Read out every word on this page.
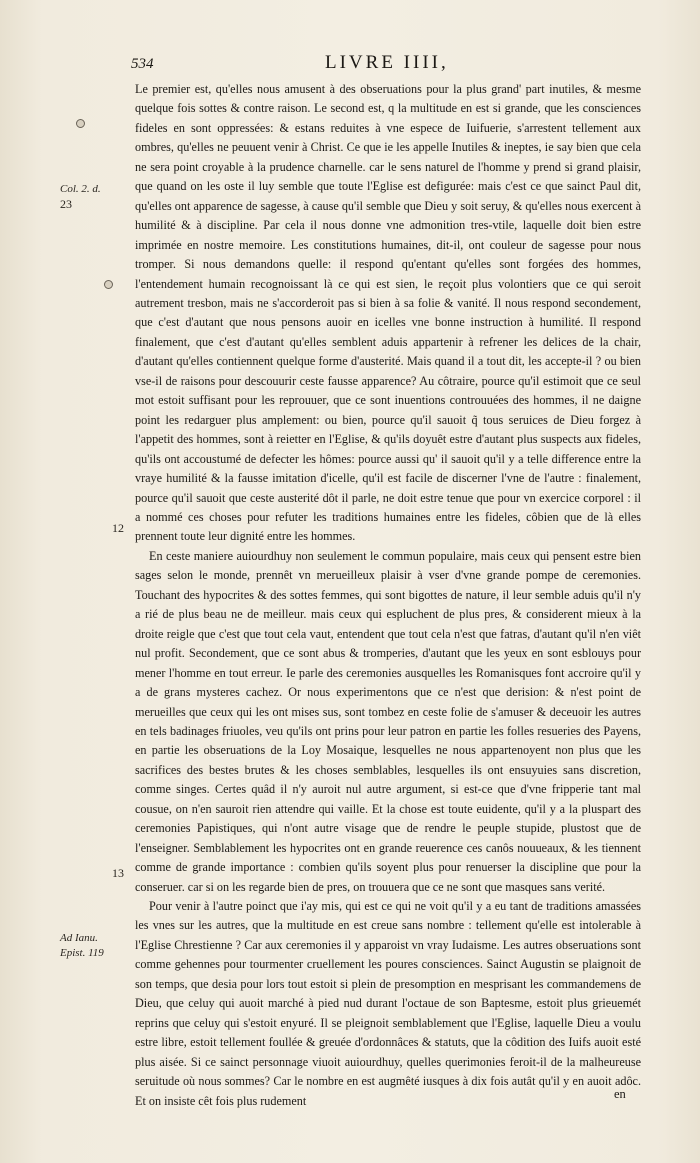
534	LIVRE IIII,
Col. 2. d.
23
12
13
Ad Ianu.
Epist. 119

Le premier est, qu'elles nous amusent à des obseruations pour la plus grand' part inutiles, & mesme quelque fois sottes & contre raison. Le second est, q la multitude en est si grande, que les consciences fideles en sont oppressées: & estans reduites à vne espece de Iuifuerie, s'arrestent tellement aux ombres, qu'elles ne peuuent venir à Christ. Ce que ie les appelle Inutiles & ineptes, ie say bien que cela ne sera point croyable à la prudence charnelle. car le sens naturel de l'homme y prend si grand plaisir, que quand on les oste il luy semble que toute l'Eglise est defigurée: mais c'est ce que sainct Paul dit, qu'elles ont apparence de sagesse, à cause qu'il semble que Dieu y soit seruy, & qu'elles nous exercent à humilité & à discipline. Par cela il nous donne vne admonition tres-vtile, laquelle doit bien estre imprimée en nostre memoire. Les constitutions humaines, dit-il, ont couleur de sagesse pour nous tromper. Si nous demandons quelle: il respond qu'entant qu'elles sont forgées des hommes, l'entendement humain recognoissant là ce qui est sien, le reçoit plus volontiers que ce qui seroit autrement tresbon, mais ne s'accorderoit pas si bien à sa folie & vanité. Il nous respond secondement, que c'est d'autant que nous pensons auoir en icelles vne bonne instruction à humilité. Il respond finalement, que c'est d'autant qu'elles semblent aduis appartenir à refrener les delices de la chair, d'autant qu'elles contiennent quelque forme d'austerité. Mais quand il a tout dit, les accepte-il ? ou bien vse-il de raisons pour descouurir ceste fausse apparence? Au côtraire, pource qu'il estimoit que ce seul mot estoit suffisant pour les reprouuer, que ce sont inuentions controuuées des hommes, il ne daigne point les redarguer plus amplement: ou bien, pource qu'il sauoit q̃ tous seruices de Dieu forgez à l'appetit des hommes, sont à reietter en l'Eglise, & qu'ils doyuêt estre d'autant plus suspects aux fideles, qu'ils ont accoustumé de defecter les hômes: pource aussi qu' il sauoit qu'il y a telle difference entre la vraye humilité & la fausse imitation d'icelle, qu'il est facile de discerner l'vne de l'autre : finalement, pource qu'il sauoit que ceste austerité dôt il parle, ne doit estre tenue que pour vn exercice corporel : il a nommé ces choses pour refuter les traditions humaines entre les fideles, côbien que de là elles prennent toute leur dignité entre les hommes.

En ceste maniere auiourdhuy non seulement le commun populaire, mais ceux qui pensent estre bien sages selon le monde, prennêt vn merueilleux plaisir à vser d'vne grande pompe de ceremonies. Touchant des hypocrites & des sottes femmes, qui sont bigottes de nature, il leur semble aduis qu'il n'y a rié de plus beau ne de meilleur. mais ceux qui espluchent de plus pres, & considerent mieux à la droite reigle que c'est que tout cela vaut, entendent que tout cela n'est que fatras, d'autant qu'il n'en viêt nul profit. Secondement, que ce sont abus & tromperies, d'autant que les yeux en sont esblouys pour mener l'homme en tout erreur. Ie parle des ceremonies ausquelles les Romanisques font accroire qu'il y a de grans mysteres cachez. Or nous experimentons que ce n'est que derision: & n'est point de merueilles que ceux qui les ont mises sus, sont tombez en ceste folie de s'amuser & deceuoir les autres en tels badinages friuoles, veu qu'ils ont prins pour leur patron en partie les folles resueries des Payens, en partie les obseruations de la Loy Mosaique, lesquelles ne nous appartenoyent non plus que les sacrifices des bestes brutes & les choses semblables, lesquelles ils ont ensuyuies sans discretion, comme singes. Certes quâd il n'y auroit nul autre argument, si est-ce que d'vne fripperie tant mal cousue, on n'en sauroit rien attendre qui vaille. Et la chose est toute euidente, qu'il y a la pluspart des ceremonies Papistiques, qui n'ont autre visage que de rendre le peuple stupide, plustost que de l'enseigner. Semblablement les hypocrites ont en grande reuerence ces canôs nouueaux, & les tiennent comme de grande importance : combien qu'ils soyent plus pour renuerser la discipline que pour la conseruer. car si on les regarde bien de pres, on trouuera que ce ne sont que masques sans verité.

Pour venir à l'autre poinct que i'ay mis, qui est ce qui ne voit qu'il y a eu tant de traditions amassées les vnes sur les autres, que la multitude en est creue sans nombre : tellement qu'elle est intolerable à l'Eglise Chrestienne ? Car aux ceremonies il y apparoist vn vray Iudaisme. Les autres obseruations sont comme gehennes pour tourmenter cruellement les poures consciences. Sainct Augustin se plaignoit de son temps, que desia pour lors tout estoit si plein de presomption en mesprisant les commandemens de Dieu, que celuy qui auoit marché à pied nud durant l'octaue de son Baptesme, estoit plus grieuemét reprins que celuy qui s'estoit enyuré. Il se pleignoit semblablement que l'Eglise, laquelle Dieu a voulu estre libre, estoit tellement foullée & greuée d'ordonnâces & statuts, que la côdition des Iuifs auoit esté plus aisée. Si ce sainct personnage viuoit auiourdhuy, quelles querimonies feroit-il de la malheureuse seruitude où nous sommes? Car le nombre en est augmêté iusques à dix fois autât qu'il y en auoit adôc. Et on insiste cêt fois plus rudement	en
